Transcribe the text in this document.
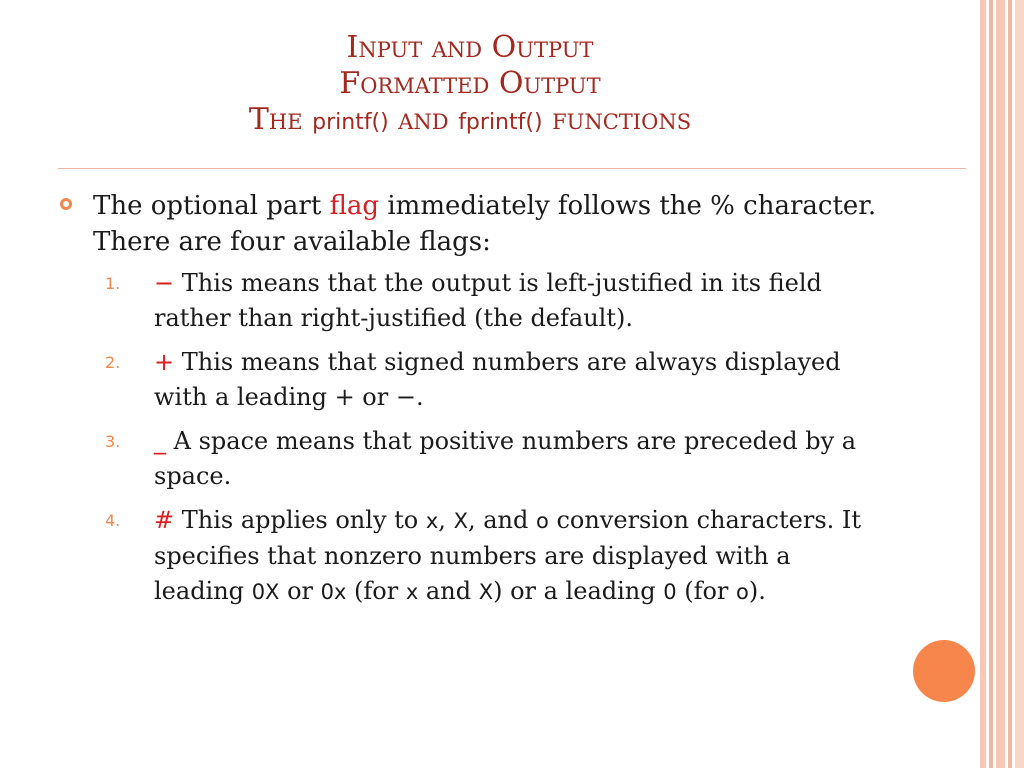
Input and Output
Formatted Output
The printf() and fprintf() functions
The optional part flag immediately follows the % character. There are four available flags:
1. − This means that the output is left-justified in its field rather than right-justified (the default).
2. + This means that signed numbers are always displayed with a leading + or −.
3. _ A space means that positive numbers are preceded by a space.
4. # This applies only to x, X, and o conversion characters. It specifies that nonzero numbers are displayed with a leading 0X or 0x (for x and X) or a leading 0 (for o).
